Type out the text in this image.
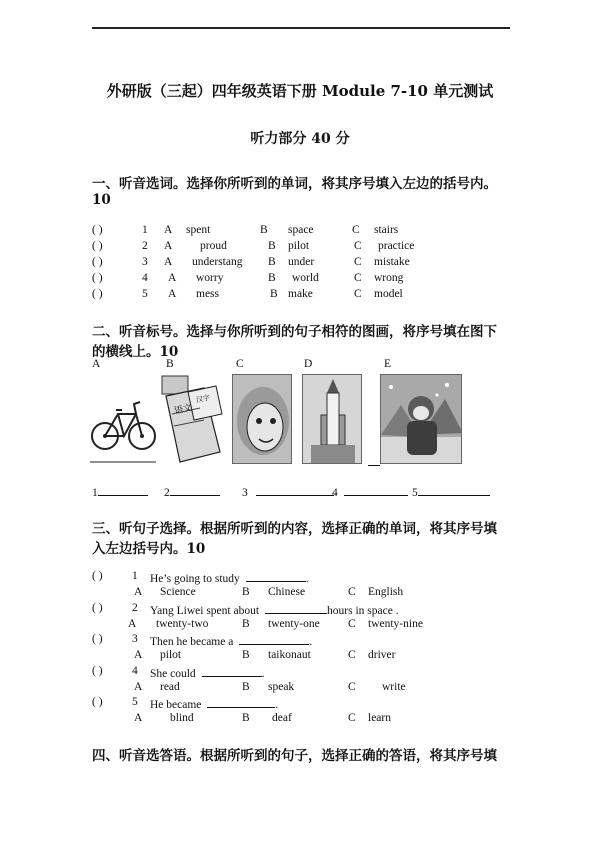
外研版（三起）四年级英语下册 Module 7-10 单元测试
听力部分 40 分
一、听音选词。选择你所听到的单词，将其序号填入左边的括号内。
10
( )	1 A spent	B space	C stairs
( )	2 A proud	B pilot	C practice
( )	3 A understang B under	C mistake
( )	4 A worry	B world	C wrong
( )	5 A mess	B make	C model
二、听音标号。选择与你所听到的句子相符的图画，将序号填在图下
的横线上。10
A	B	C	D	E
语文
汉字
1	2	3	4	5
三、听句子选择。根据所听到的内容，选择正确的单词，将其序号填
入左边括号内。10
( )	1 He’s going to study	.
A Science	B Chinese	C English
( )	2 Yang Liwei spent about	hours in space .
A twenty-two	B twenty-one C twenty-nine
( )	3 Then he became a	.
A pilot	B taikonaut	C driver
( )	4 She could	.
A read	B speak	C write
( )	5 He became	.
A blind	B deaf	C learn
四、听音选答语。根据所听到的句子，选择正确的答语，将其序号填
